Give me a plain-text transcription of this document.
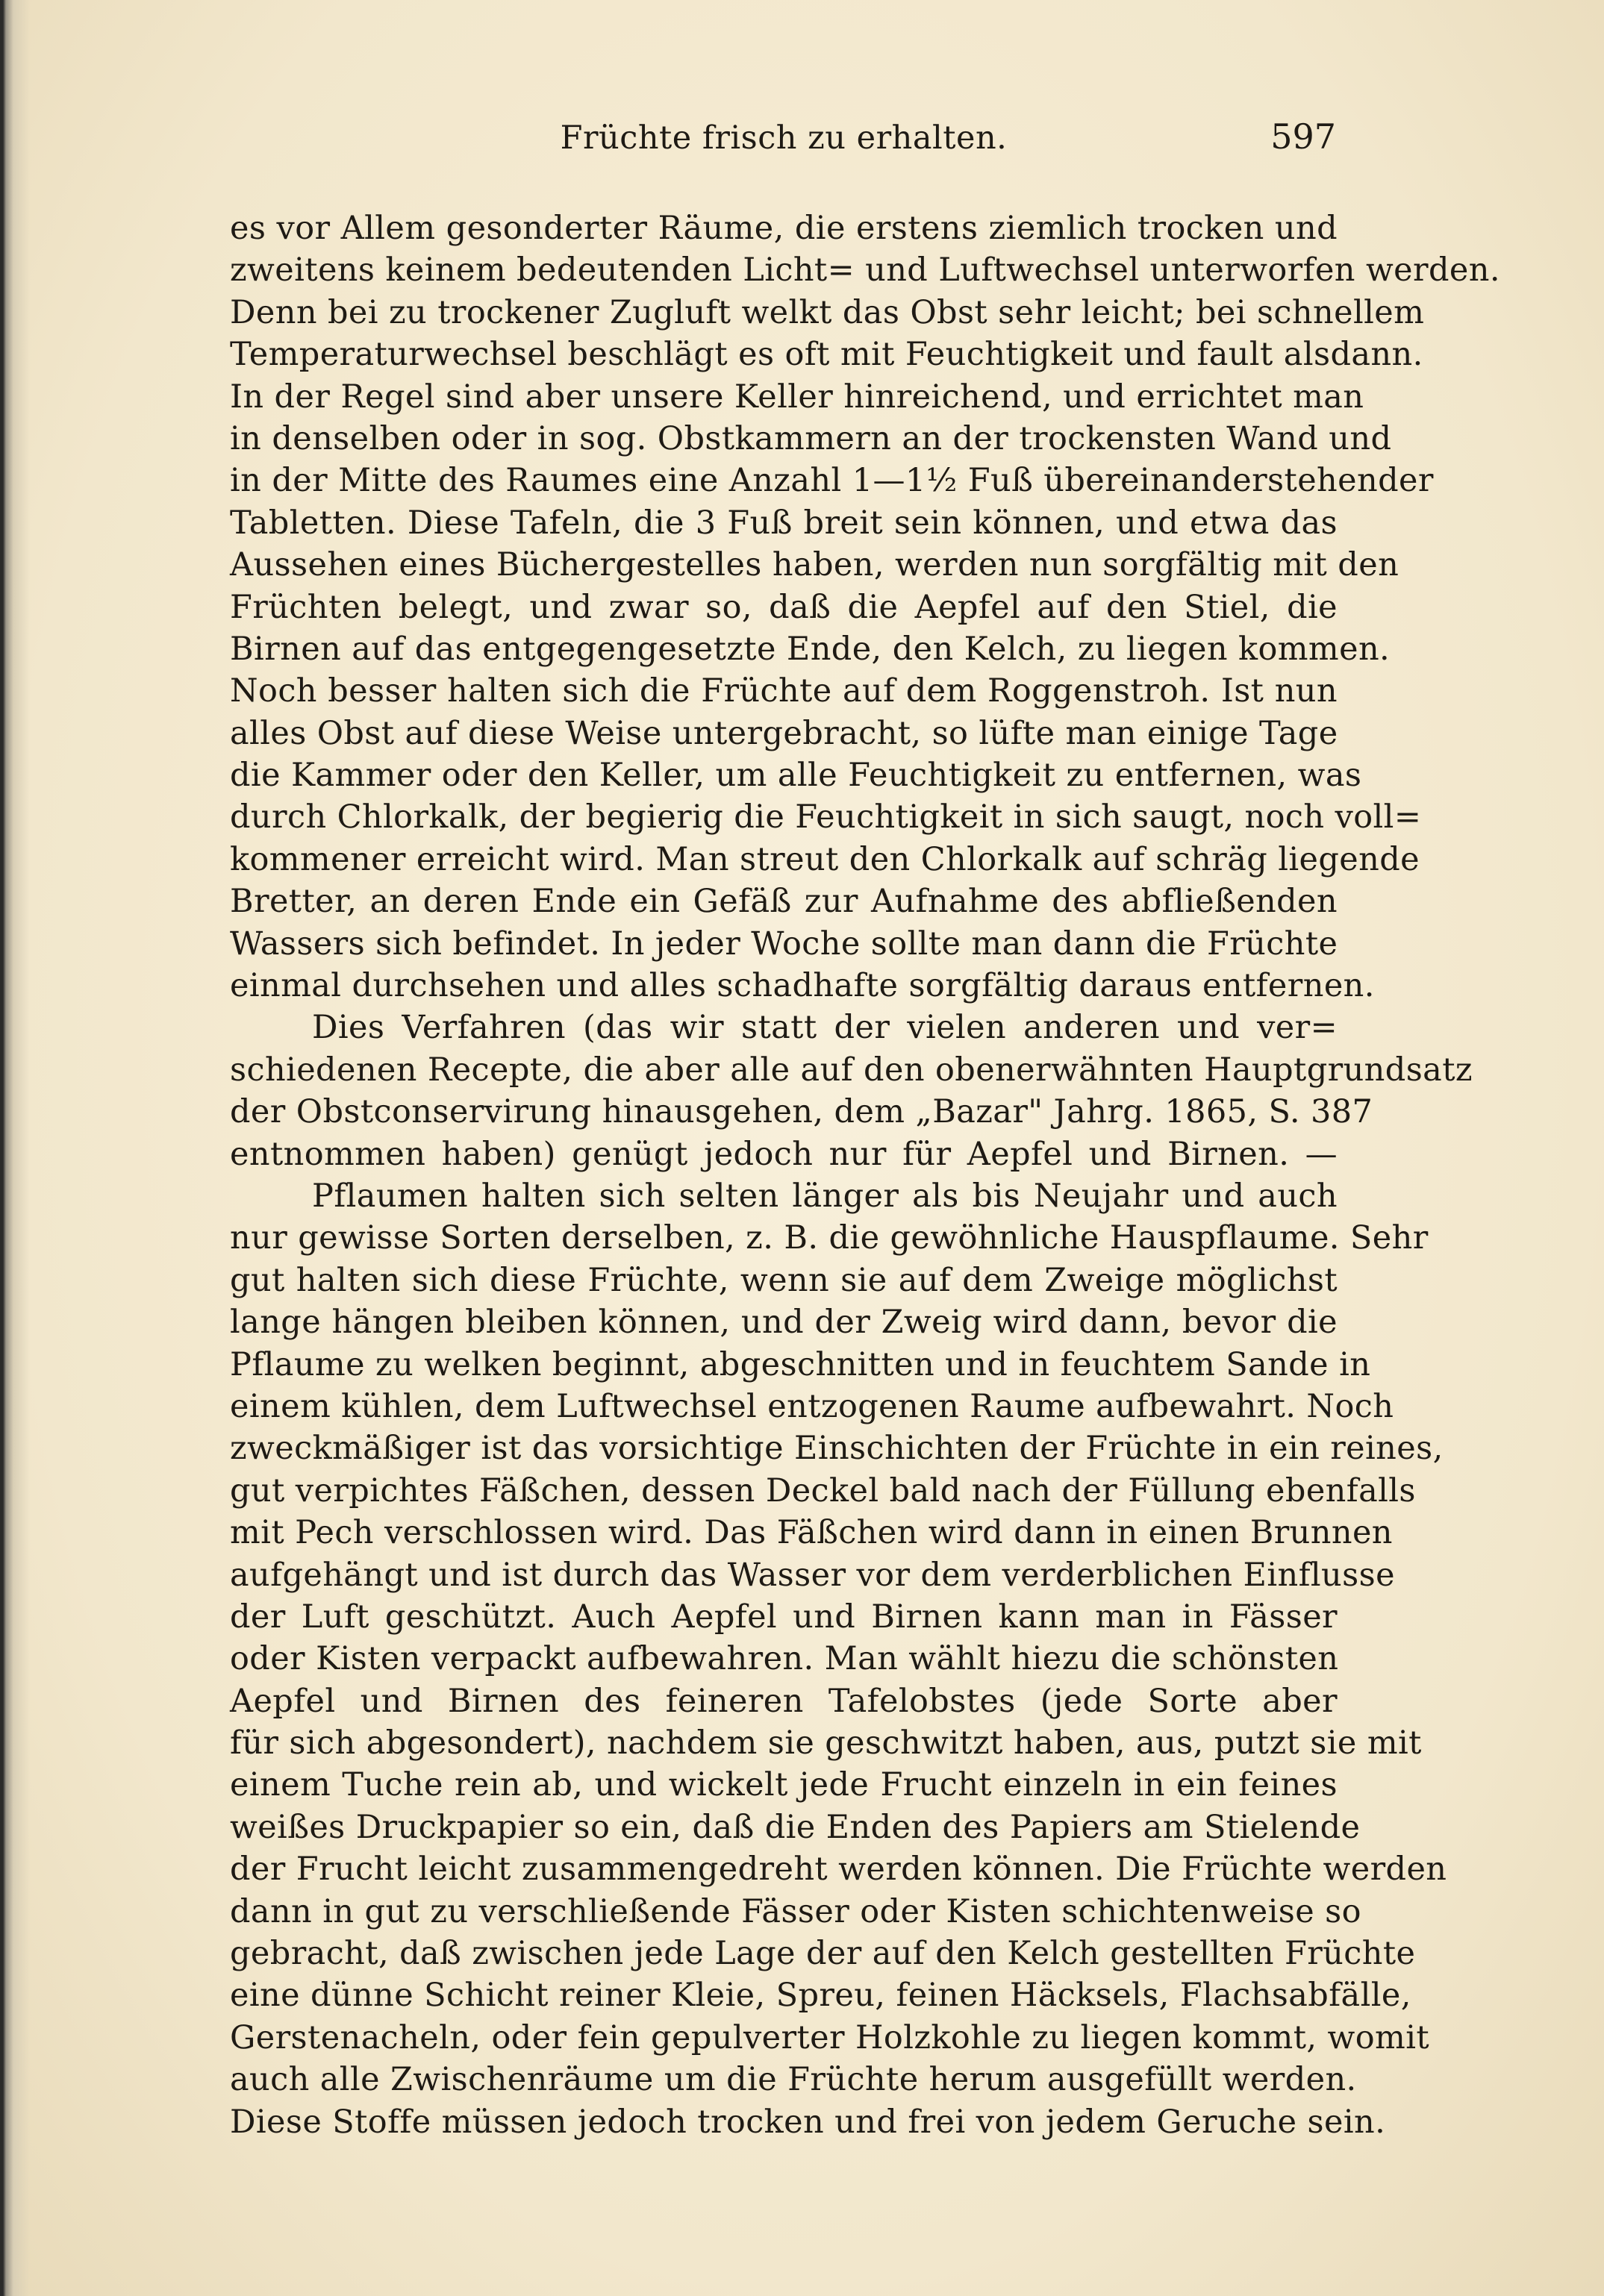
Früchte frisch zu erhalten.	597
es vor Allem gesonderter Räume, die erstens ziemlich trocken und
zweitens keinem bedeutenden Licht= und Luftwechsel unterworfen werden.
Denn bei zu trockener Zugluft welkt das Obst sehr leicht; bei schnellem
Temperaturwechsel beschlägt es oft mit Feuchtigkeit und fault alsdann.
In der Regel sind aber unsere Keller hinreichend, und errichtet man
in denselben oder in sog. Obstkammern an der trockensten Wand und
in der Mitte des Raumes eine Anzahl 1—1½ Fuß übereinanderstehender
Tabletten. Diese Tafeln, die 3 Fuß breit sein können, und etwa das
Aussehen eines Büchergestelles haben, werden nun sorgfältig mit den
Früchten belegt, und zwar so, daß die Aepfel auf den Stiel, die
Birnen auf das entgegengesetzte Ende, den Kelch, zu liegen kommen.
Noch besser halten sich die Früchte auf dem Roggenstroh. Ist nun
alles Obst auf diese Weise untergebracht, so lüfte man einige Tage
die Kammer oder den Keller, um alle Feuchtigkeit zu entfernen, was
durch Chlorkalk, der begierig die Feuchtigkeit in sich saugt, noch voll=
kommener erreicht wird. Man streut den Chlorkalk auf schräg liegende
Bretter, an deren Ende ein Gefäß zur Aufnahme des abfließenden
Wassers sich befindet. In jeder Woche sollte man dann die Früchte
einmal durchsehen und alles schadhafte sorgfältig daraus entfernen.
Dies Verfahren (das wir statt der vielen anderen und ver=
schiedenen Recepte, die aber alle auf den obenerwähnten Hauptgrundsatz
der Obstconservirung hinausgehen, dem „Bazar" Jahrg. 1865, S. 387
entnommen haben) genügt jedoch nur für Aepfel und Birnen. —
Pflaumen halten sich selten länger als bis Neujahr und auch
nur gewisse Sorten derselben, z. B. die gewöhnliche Hauspflaume. Sehr
gut halten sich diese Früchte, wenn sie auf dem Zweige möglichst
lange hängen bleiben können, und der Zweig wird dann, bevor die
Pflaume zu welken beginnt, abgeschnitten und in feuchtem Sande in
einem kühlen, dem Luftwechsel entzogenen Raume aufbewahrt. Noch
zweckmäßiger ist das vorsichtige Einschichten der Früchte in ein reines,
gut verpichtes Fäßchen, dessen Deckel bald nach der Füllung ebenfalls
mit Pech verschlossen wird. Das Fäßchen wird dann in einen Brunnen
aufgehängt und ist durch das Wasser vor dem verderblichen Einflusse
der Luft geschützt. Auch Aepfel und Birnen kann man in Fässer
oder Kisten verpackt aufbewahren. Man wählt hiezu die schönsten
Aepfel und Birnen des feineren Tafelobstes (jede Sorte aber
für sich abgesondert), nachdem sie geschwitzt haben, aus, putzt sie mit
einem Tuche rein ab, und wickelt jede Frucht einzeln in ein feines
weißes Druckpapier so ein, daß die Enden des Papiers am Stielende
der Frucht leicht zusammengedreht werden können. Die Früchte werden
dann in gut zu verschließende Fässer oder Kisten schichtenweise so
gebracht, daß zwischen jede Lage der auf den Kelch gestellten Früchte
eine dünne Schicht reiner Kleie, Spreu, feinen Häcksels, Flachsabfälle,
Gerstenacheln, oder fein gepulverter Holzkohle zu liegen kommt, womit
auch alle Zwischenräume um die Früchte herum ausgefüllt werden.
Diese Stoffe müssen jedoch trocken und frei von jedem Geruche sein.
